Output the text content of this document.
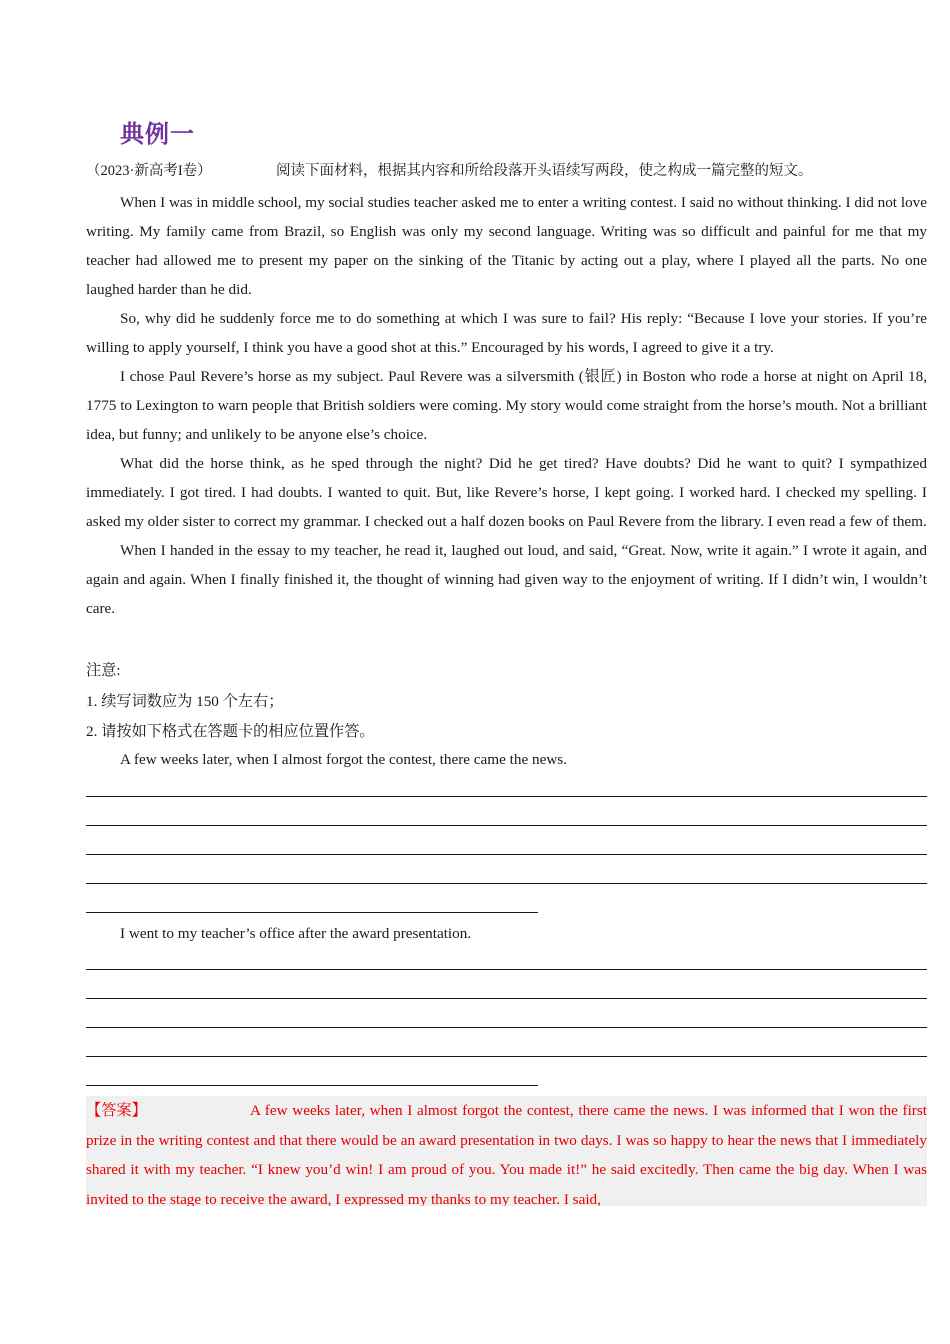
典例一
（2023·新高考I卷）	阅读下面材料，根据其内容和所给段落开头语续写两段，使之构成一篇完整的短文。

When I was in middle school, my social studies teacher asked me to enter a writing contest. I said no without thinking. I did not love writing. My family came from Brazil, so English was only my second language. Writing was so difficult and painful for me that my teacher had allowed me to present my paper on the sinking of the Titanic by acting out a play, where I played all the parts. No one laughed harder than he did.

So, why did he suddenly force me to do something at which I was sure to fail? His reply: “Because I love your stories. If you’re willing to apply yourself, I think you have a good shot at this.” Encouraged by his words, I agreed to give it a try.

I chose Paul Revere’s horse as my subject. Paul Revere was a silversmith (银匠) in Boston who rode a horse at night on April 18, 1775 to Lexington to warn people that British soldiers were coming. My story would come straight from the horse’s mouth. Not a brilliant idea, but funny; and unlikely to be anyone else’s choice.

What did the horse think, as he sped through the night? Did he get tired? Have doubts? Did he want to quit? I sympathized immediately. I got tired. I had doubts. I wanted to quit. But, like Revere’s horse, I kept going. I worked hard. I checked my spelling. I asked my older sister to correct my grammar. I checked out a half dozen books on Paul Revere from the library. I even read a few of them.

When I handed in the essay to my teacher, he read it, laughed out loud, and said, “Great. Now, write it again.” I wrote it again, and again and again. When I finally finished it, the thought of winning had given way to the enjoyment of writing. If I didn’t win, I wouldn’t care.

注意:
1. 续写词数应为 150 个左右；
2. 请按如下格式在答题卡的相应位置作答。
A few weeks later, when I almost forgot the contest, there came the news.
I went to my teacher’s office after the award presentation.
【答案】	A few weeks later, when I almost forgot the contest, there came the news. I was informed that I won the first prize in the writing contest and that there would be an award presentation in two days. I was so happy to hear the news that I immediately shared it with my teacher. “I knew you’d win! I am proud of you. You made it!” he said excitedly. Then came the big day. When I was invited to the stage to receive the award, I expressed my thanks to my teacher. I said,
